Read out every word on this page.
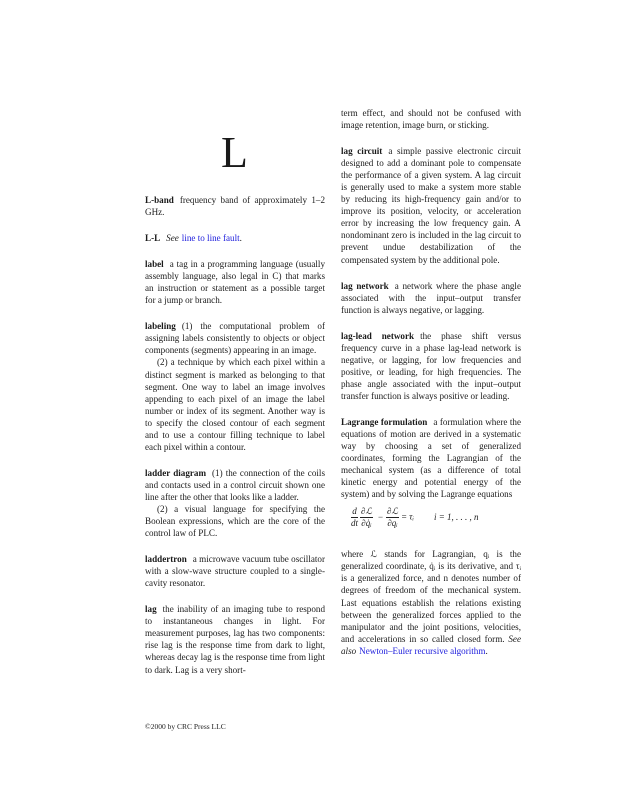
L

L-band frequency band of approximately 1–2 GHz.

L-L See line to line fault.

label a tag in a programming language (usually assembly language, also legal in C) that marks an instruction or statement as a possible target for a jump or branch.

labeling (1) the computational problem of assigning labels consistently to objects or object components (segments) appearing in an image.

(2) a technique by which each pixel within a distinct segment is marked as belonging to that segment. One way to label an image involves appending to each pixel of an image the label number or index of its segment. Another way is to specify the closed contour of each segment and to use a contour filling technique to label each pixel within a contour.

ladder diagram (1) the connection of the coils and contacts used in a control circuit shown one line after the other that looks like a ladder.

(2) a visual language for specifying the Boolean expressions, which are the core of the control law of PLC.

laddertron a microwave vacuum tube oscillator with a slow-wave structure coupled to a single-cavity resonator.

lag the inability of an imaging tube to respond to instantaneous changes in light. For measurement purposes, lag has two components: rise lag is the response time from dark to light, whereas decay lag is the response time from light to dark. Lag is a very short-

term effect, and should not be confused with image retention, image burn, or sticking.

lag circuit a simple passive electronic circuit designed to add a dominant pole to compensate the performance of a given system. A lag circuit is generally used to make a system more stable by reducing its high-frequency gain and/or to improve its position, velocity, or acceleration error by increasing the low frequency gain. A nondominant zero is included in the lag circuit to prevent undue destabilization of the compensated system by the additional pole.

lag network a network where the phase angle associated with the input–output transfer function is always negative, or lagging.

lag-lead network the phase shift versus frequency curve in a phase lag-lead network is negative, or lagging, for low frequencies and positive, or leading, for high frequencies. The phase angle associated with the input–output transfer function is always positive or leading.

Lagrange formulation a formulation where the equations of motion are derived in a systematic way by choosing a set of generalized coordinates, forming the Lagrangian of the mechanical system (as a difference of total kinetic energy and potential energy of the system) and by solving the Lagrange equations

$\frac{d}{dt} \frac{\text{∂ℒ}}{\text{∂q̇ᵢ}} - \frac{\text{∂ℒ}}{\text{∂qᵢ}}$ = τᵢ i = 1, . . . , n

where ℒ stands for Lagrangian, qᵢ is the generalized coordinate, q̇ᵢ is its derivative, and τᵢ is a generalized force, and n denotes number of degrees of freedom of the mechanical system. Last equations establish the relations existing between the generalized forces applied to the manipulator and the joint positions, velocities, and accelerations in so called closed form. See also Newton–Euler recursive algorithm.

©2000 by CRC Press LLC
